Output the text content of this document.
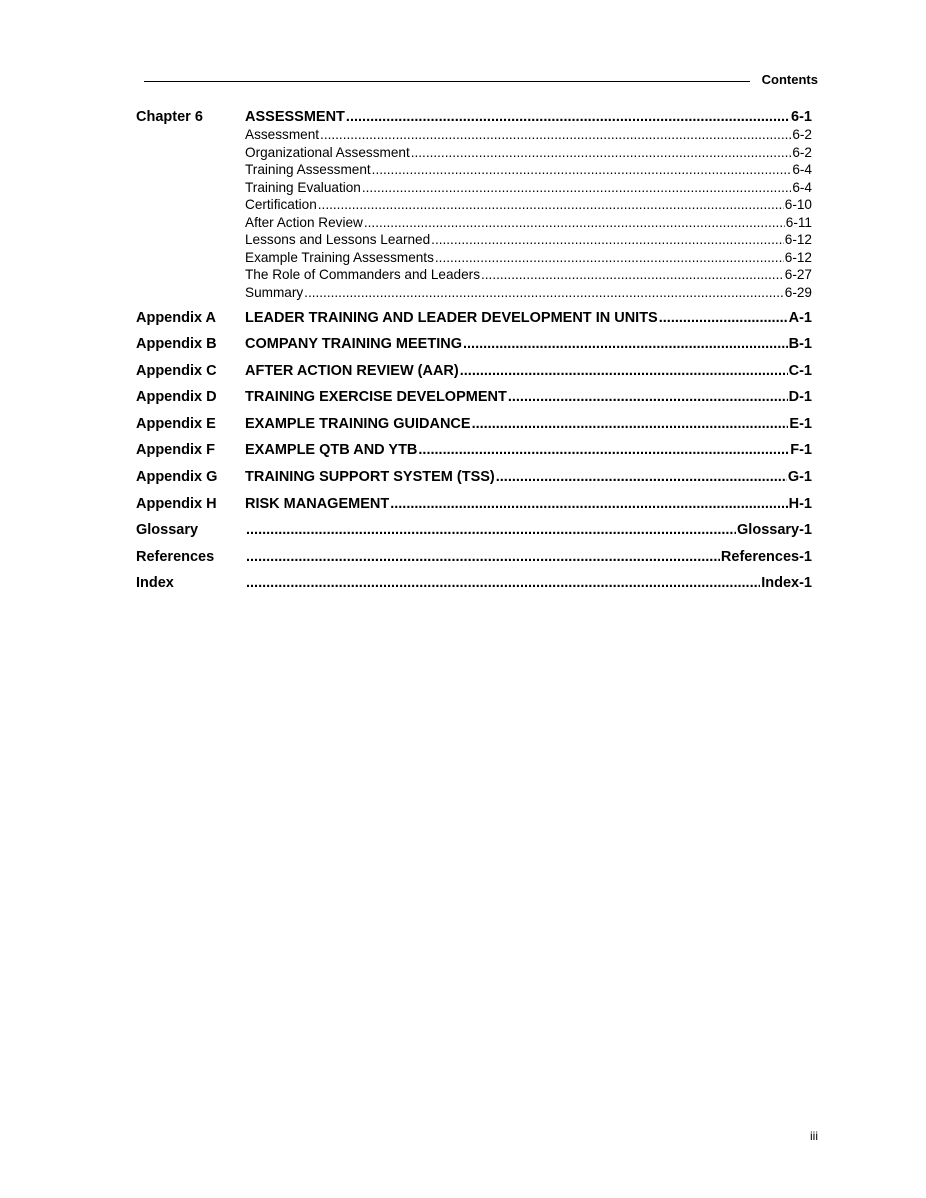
Contents
Chapter 6	ASSESSMENT .....	6-1
Assessment .....	6-2
Organizational Assessment .....	6-2
Training Assessment .....	6-4
Training Evaluation .....	6-4
Certification .....	6-10
After Action Review .....	6-11
Lessons and Lessons Learned .....	6-12
Example Training Assessments .....	6-12
The Role of Commanders and Leaders .....	6-27
Summary .....	6-29
Appendix A LEADER TRAINING AND LEADER DEVELOPMENT IN UNITS .....	A-1
Appendix B COMPANY TRAINING MEETING .....	B-1
Appendix C AFTER ACTION REVIEW (AAR) .....	C-1
Appendix D TRAINING EXERCISE DEVELOPMENT .....	D-1
Appendix E EXAMPLE TRAINING GUIDANCE .....	E-1
Appendix F EXAMPLE QTB AND YTB .....	F-1
Appendix G TRAINING SUPPORT SYSTEM (TSS) .....	G-1
Appendix H RISK MANAGEMENT .....	H-1
Glossary .....	Glossary-1
References .....	References-1
Index .....	Index-1
iii
